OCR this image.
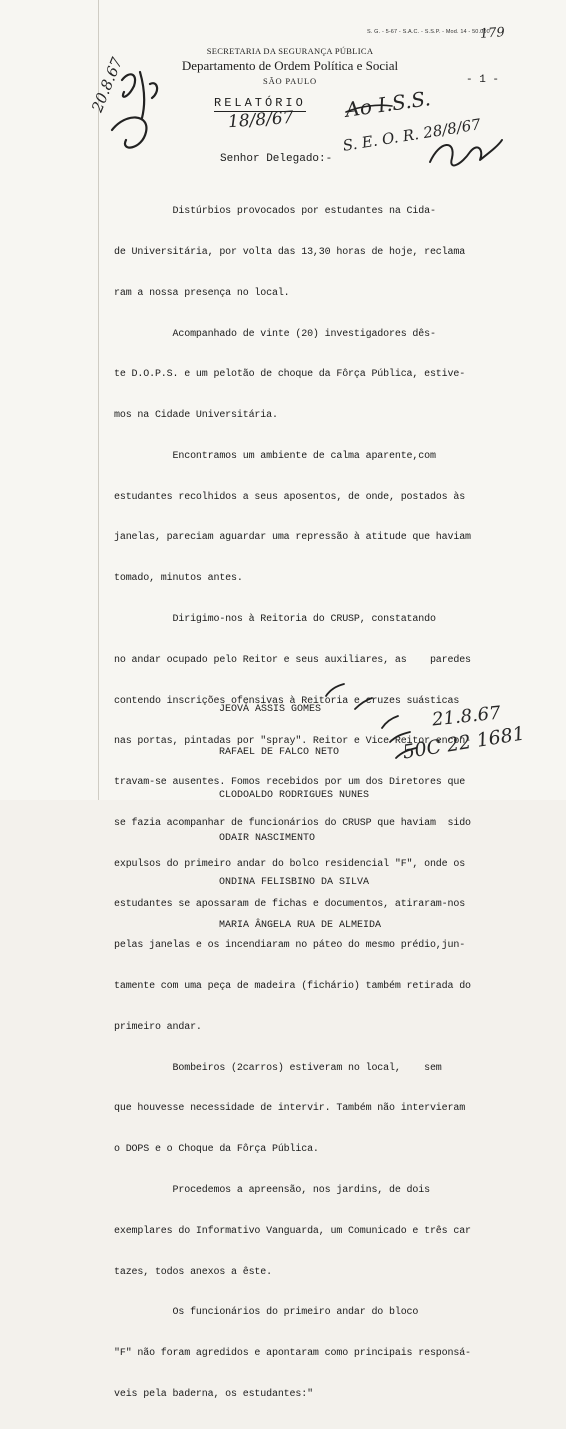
S. G. - 5-67 - S.A.C. - S.S.P. - Mod. 14 - 50.000
179
SECRETARIA DA SEGURANÇA PÚBLICA
Departamento de Ordem Política e Social
SÃO PAULO	- 1 -
RELATÓRIO
18/8/67
Senhor Delegado:-

Distúrbios provocados por estudantes na Cida-

de Universitária, por volta das 13,30 horas de hoje, reclama

ram a nossa presença no local.

Acompanhado de vinte (20) investigadores dês-

te D.O.P.S. e um pelotão de choque da Fôrça Pública, estive-

mos na Cidade Universitária.

Encontramos um ambiente de calma aparente,com

estudantes recolhidos a seus aposentos, de onde, postados às

janelas, pareciam aguardar uma repressão à atitude que haviam

tomado, minutos antes.

Dirigimo-nos à Reitoria do CRUSP, constatando

no andar ocupado pelo Reitor e seus auxiliares, as    paredes

contendo inscrições ofensivas à Reitoria e cruzes suásticas

nas portas, pintadas por "spray". Reitor e Vice-Reitor encon-

travam-se ausentes. Fomos recebidos por um dos Diretores que

se fazia acompanhar de funcionários do CRUSP que haviam  sido

expulsos do primeiro andar do bolco residencial "F", onde os

estudantes se apossaram de fichas e documentos, atiraram-nos

pelas janelas e os incendiaram no páteo do mesmo prédio,jun-

tamente com uma peça de madeira (fichário) também retirada do

primeiro andar.

Bombeiros (2carros) estiveram no local,    sem

que houvesse necessidade de intervir. Também não intervieram

o DOPS e o Choque da Fôrça Pública.

Procedemos a apreensão, nos jardins, de dois

exemplares do Informativo Vanguarda, um Comunicado e três car

tazes, todos anexos a êste.

Os funcionários do primeiro andar do bloco

"F" não foram agredidos e apontaram como principais responsá-

veis pela baderna, os estudantes:"

JEOVÁ ASSIS GOMES

RAFAEL DE FALCO NETO

CLODOALDO RODRIGUES NUNES

ODAIR NASCIMENTO

ONDINA FELISBINO DA SILVA

MARIA ÂNGELA RUA DE ALMEIDA

20.8.67	Ao I.S.S.
S. E. O. R. 28/8/67
21.8.67
50C 22 1681
